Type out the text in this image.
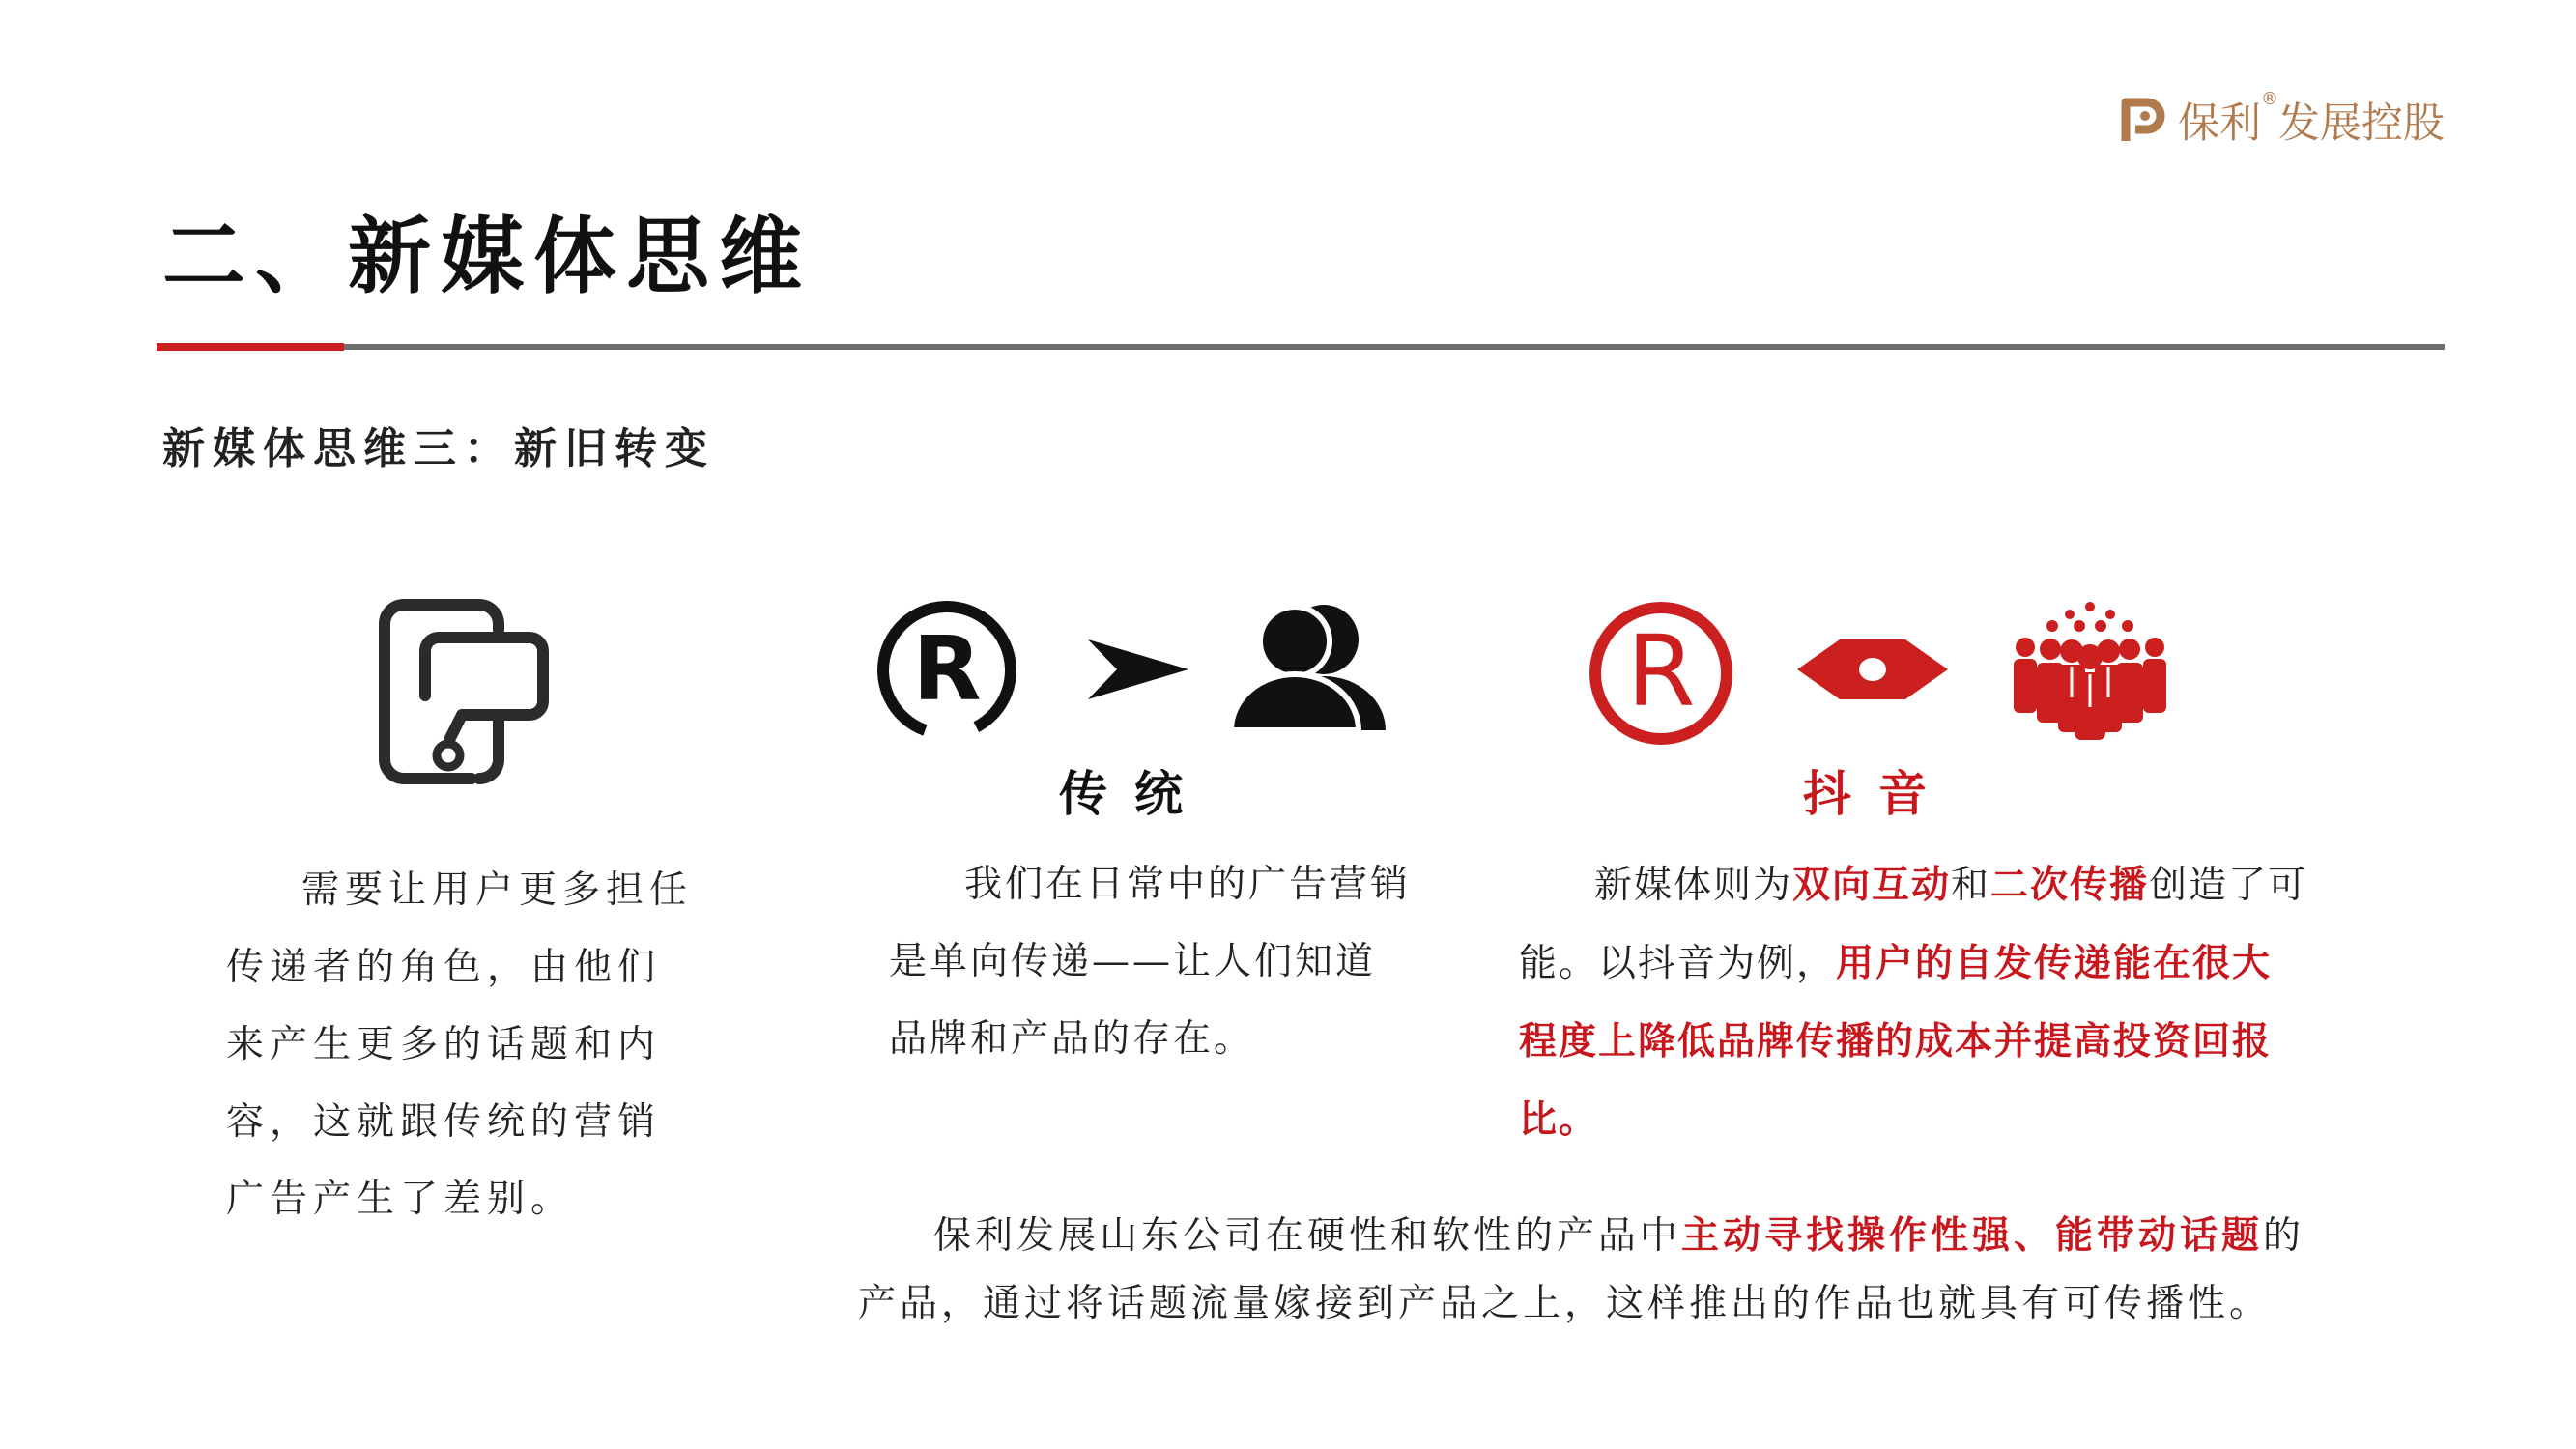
保利®发展控股
二、新媒体思维
新媒体思维三：新旧转变
R
传统
R
抖音
需要让用户更多担任传递者的角色，由他们来产生更多的话题和内容，这就跟传统的营销广告产生了差别。
我们在日常中的广告营销是单向传递——让人们知道品牌和产品的存在。
新媒体则为双向互动和二次传播创造了可能。以抖音为例，用户的自发传递能在很大程度上降低品牌传播的成本并提高投资回报比。
保利发展山东公司在硬性和软性的产品中主动寻找操作性强、能带动话题的产品，通过将话题流量嫁接到产品之上，这样推出的作品也就具有可传播性。
